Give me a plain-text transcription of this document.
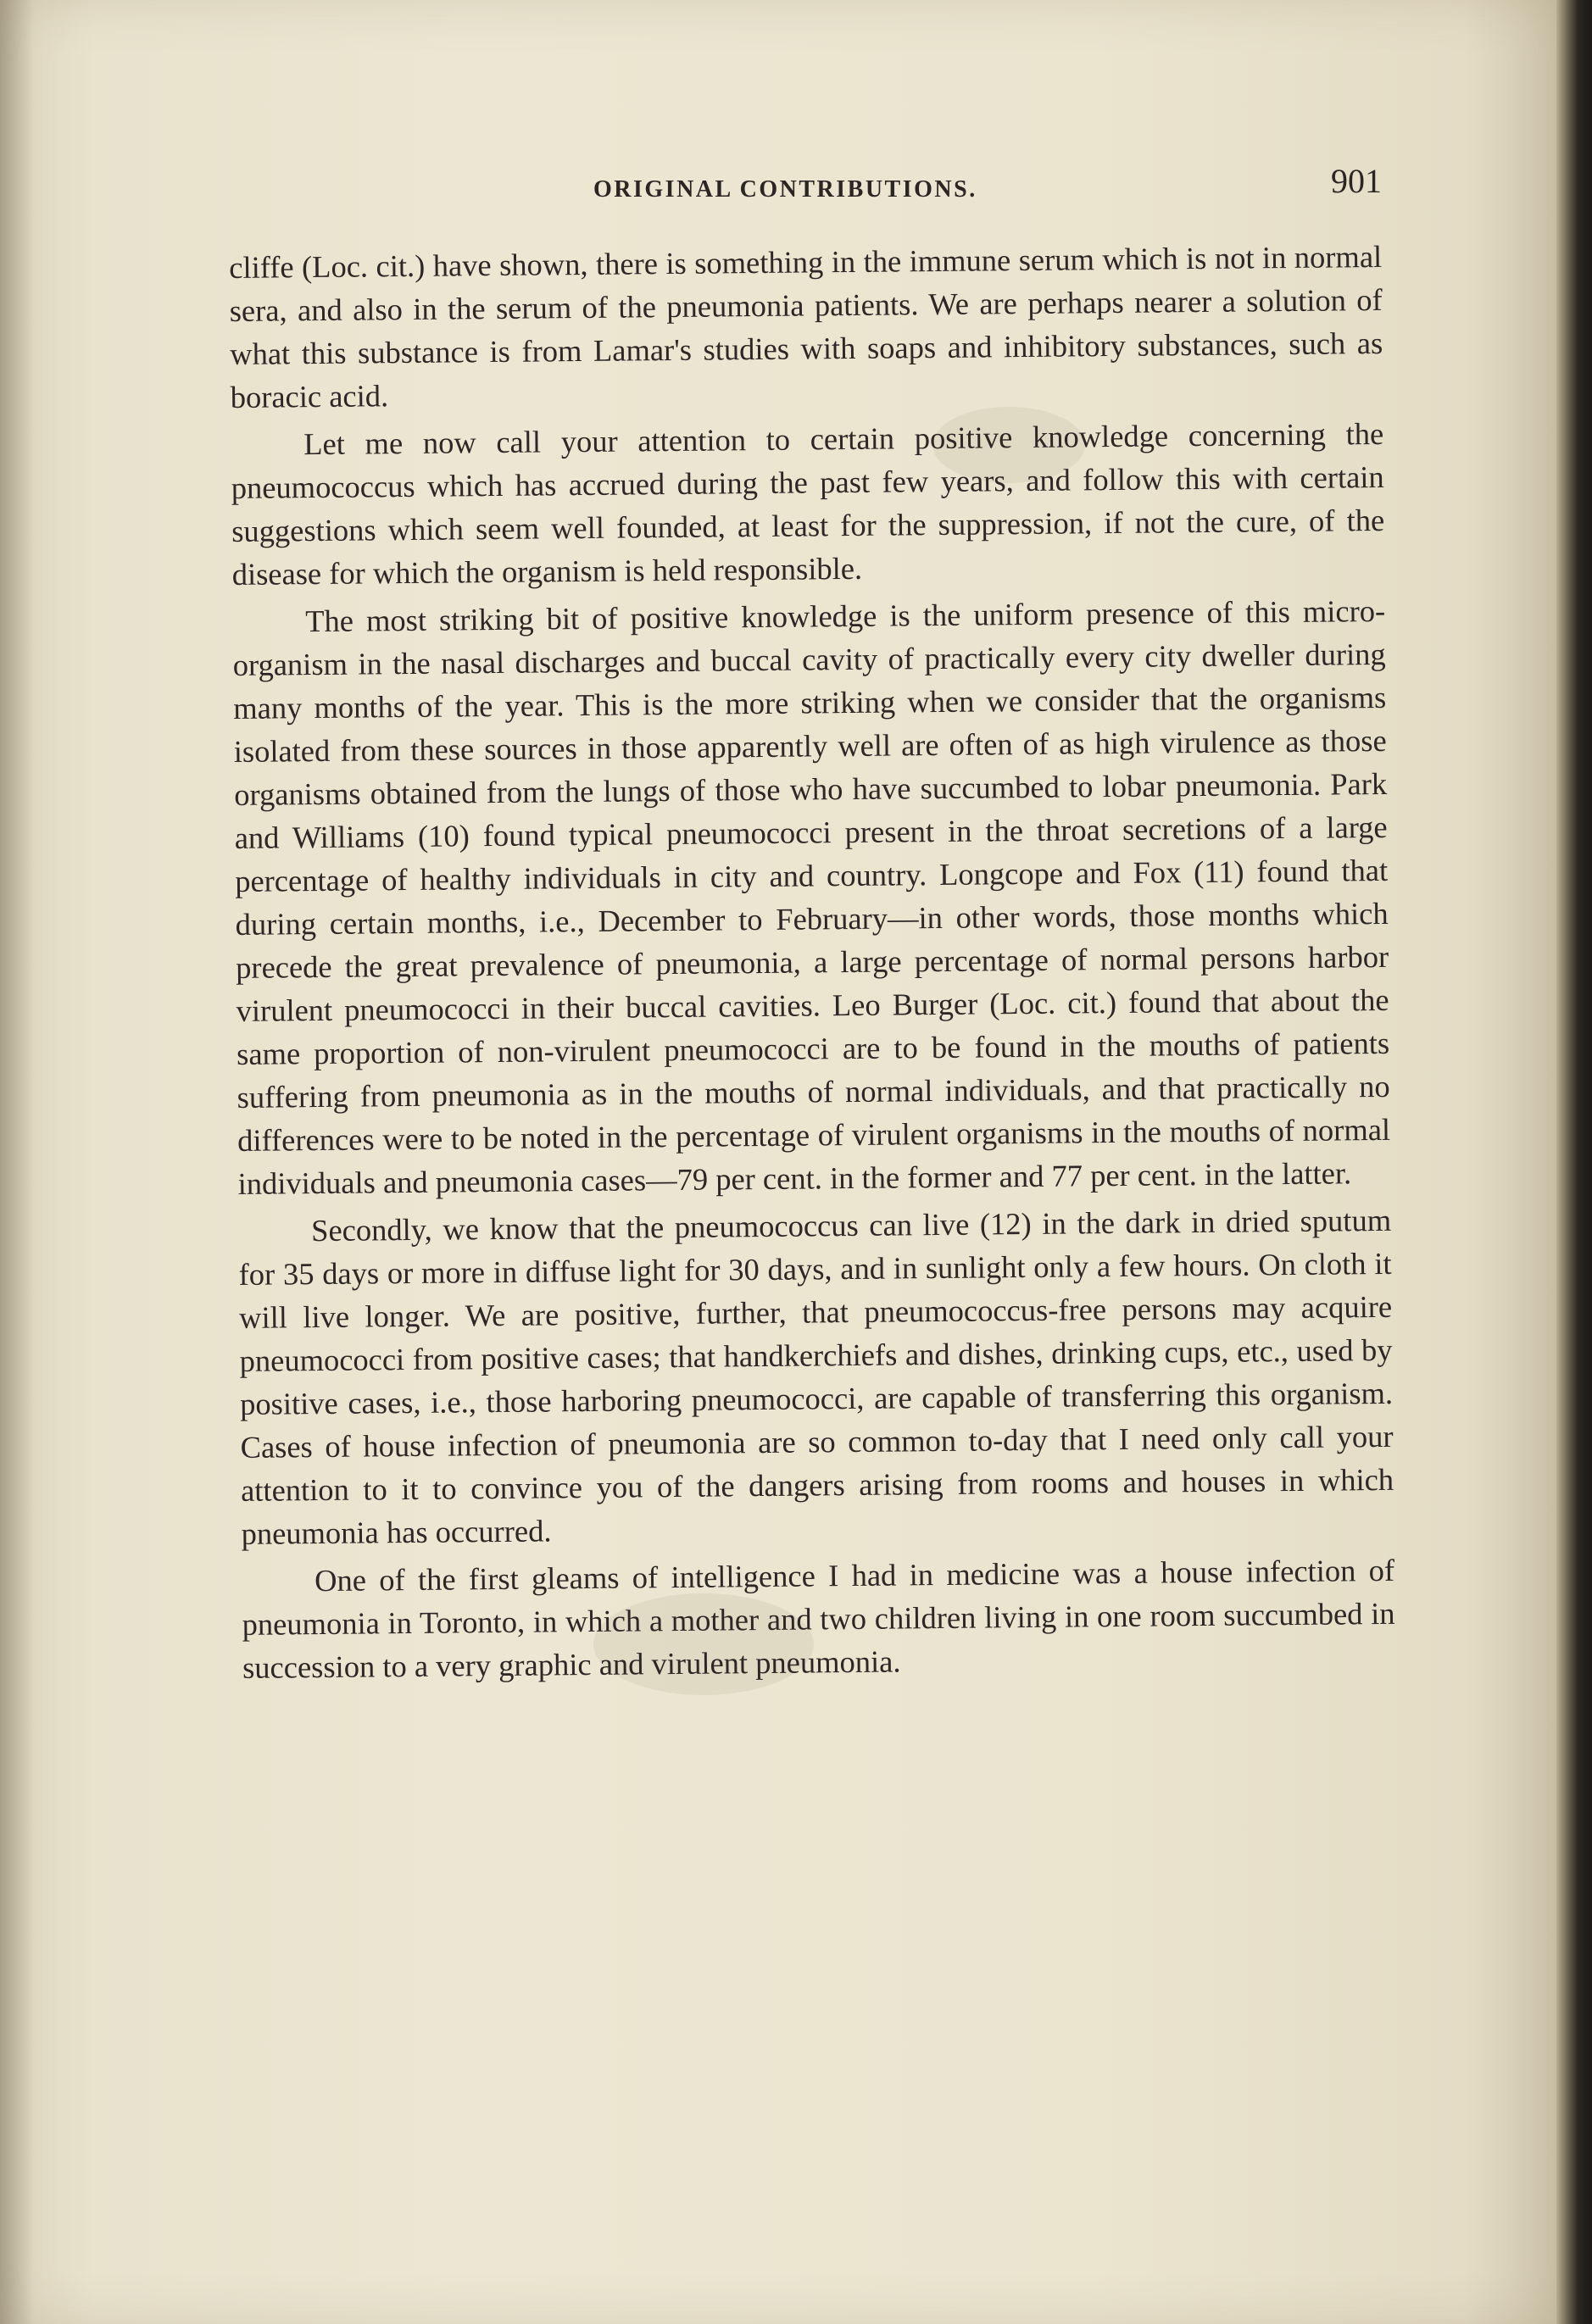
ORIGINAL CONTRIBUTIONS.	901

cliffe (Loc. cit.) have shown, there is something in the immune serum which is not in normal sera, and also in the serum of the pneumonia patients. We are perhaps nearer a solution of what this substance is from Lamar's studies with soaps and inhibitory substances, such as boracic acid.

Let me now call your attention to certain positive knowledge concerning the pneumococcus which has accrued during the past few years, and follow this with certain suggestions which seem well founded, at least for the suppression, if not the cure, of the disease for which the organism is held responsible.

The most striking bit of positive knowledge is the uniform presence of this micro-organism in the nasal discharges and buccal cavity of practically every city dweller during many months of the year. This is the more striking when we consider that the organisms isolated from these sources in those apparently well are often of as high virulence as those organisms obtained from the lungs of those who have succumbed to lobar pneumonia. Park and Williams (10) found typical pneumococci present in the throat secretions of a large percentage of healthy individuals in city and country. Longcope and Fox (11) found that during certain months, i.e., December to February—in other words, those months which precede the great prevalence of pneumonia, a large percentage of normal persons harbor virulent pneumococci in their buccal cavities. Leo Burger (Loc. cit.) found that about the same proportion of non-virulent pneumococci are to be found in the mouths of patients suffering from pneumonia as in the mouths of normal individuals, and that practically no differences were to be noted in the percentage of virulent organisms in the mouths of normal individuals and pneumonia cases—79 per cent. in the former and 77 per cent. in the latter.

Secondly, we know that the pneumococcus can live (12) in the dark in dried sputum for 35 days or more in diffuse light for 30 days, and in sunlight only a few hours. On cloth it will live longer. We are positive, further, that pneumococcus-free persons may acquire pneumococci from positive cases; that handkerchiefs and dishes, drinking cups, etc., used by positive cases, i.e., those harboring pneumococci, are capable of transferring this organism. Cases of house infection of pneumonia are so common to-day that I need only call your attention to it to convince you of the dangers arising from rooms and houses in which pneumonia has occurred.

One of the first gleams of intelligence I had in medicine was a house infection of pneumonia in Toronto, in which a mother and two children living in one room succumbed in succession to a very graphic and virulent pneumonia.
